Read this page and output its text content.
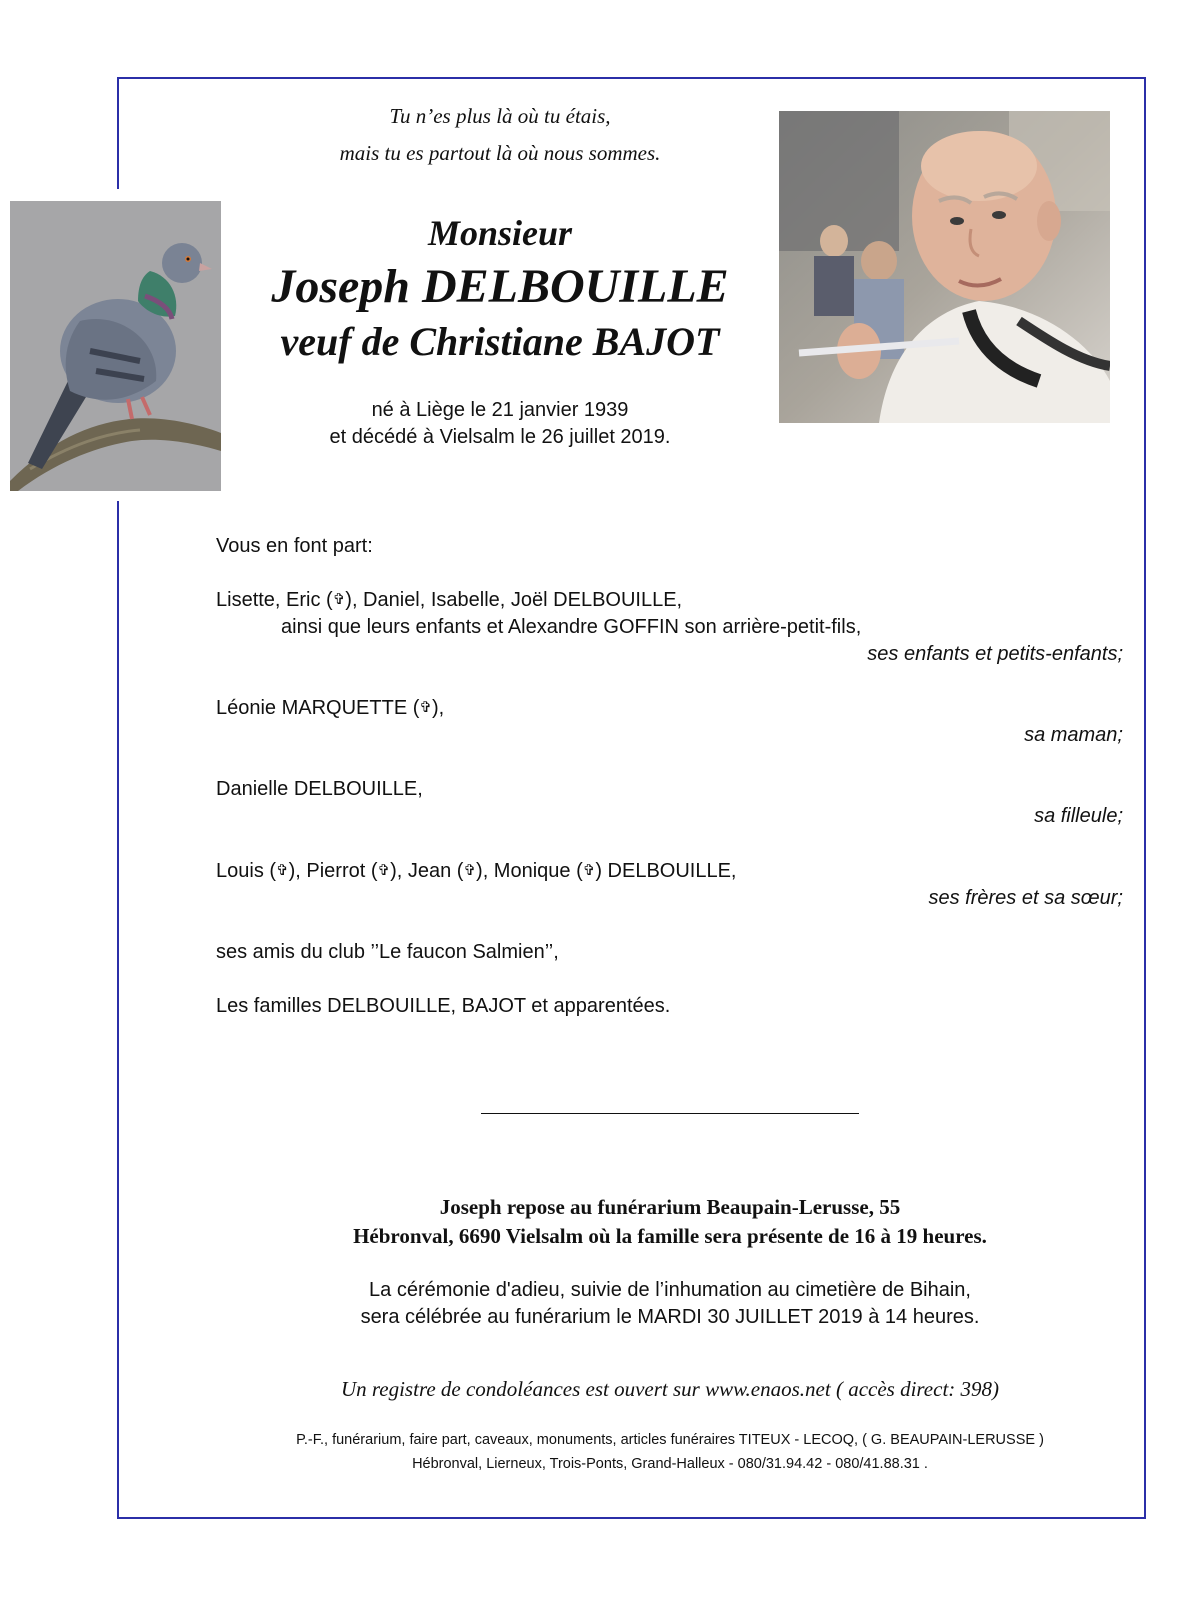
Tu n’es plus là où tu étais,
mais tu es partout là où nous sommes.
Monsieur
Joseph DELBOUILLE
veuf de Christiane BAJOT
né à Liège le 21 janvier 1939
et décédé à Vielsalm le 26 juillet 2019.
Vous en font part:
Lisette, Eric (✞), Daniel, Isabelle, Joël DELBOUILLE,
ainsi que leurs enfants et Alexandre GOFFIN son arrière-petit-fils,
ses enfants et petits-enfants;
Léonie MARQUETTE (✞),
sa maman;
Danielle DELBOUILLE,
sa filleule;
Louis (✞), Pierrot (✞), Jean (✞), Monique (✞) DELBOUILLE,
ses frères et sa sœur;
ses amis du club ’’Le faucon Salmien’’,
Les familles DELBOUILLE, BAJOT et apparentées.
Joseph repose au funérarium Beaupain-Lerusse, 55
Hébronval, 6690 Vielsalm où la famille sera présente de 16 à 19 heures.
La cérémonie d'adieu, suivie de l’inhumation au cimetière de Bihain,
sera célébrée au funérarium le MARDI 30 JUILLET 2019 à 14 heures.
Un registre de condoléances est ouvert sur www.enaos.net ( accès direct: 398)
P.-F., funérarium, faire part, caveaux, monuments, articles funéraires TITEUX - LECOQ, ( G. BEAUPAIN-LERUSSE )
Hébronval, Lierneux, Trois-Ponts, Grand-Halleux - 080/31.94.42 - 080/41.88.31 .
